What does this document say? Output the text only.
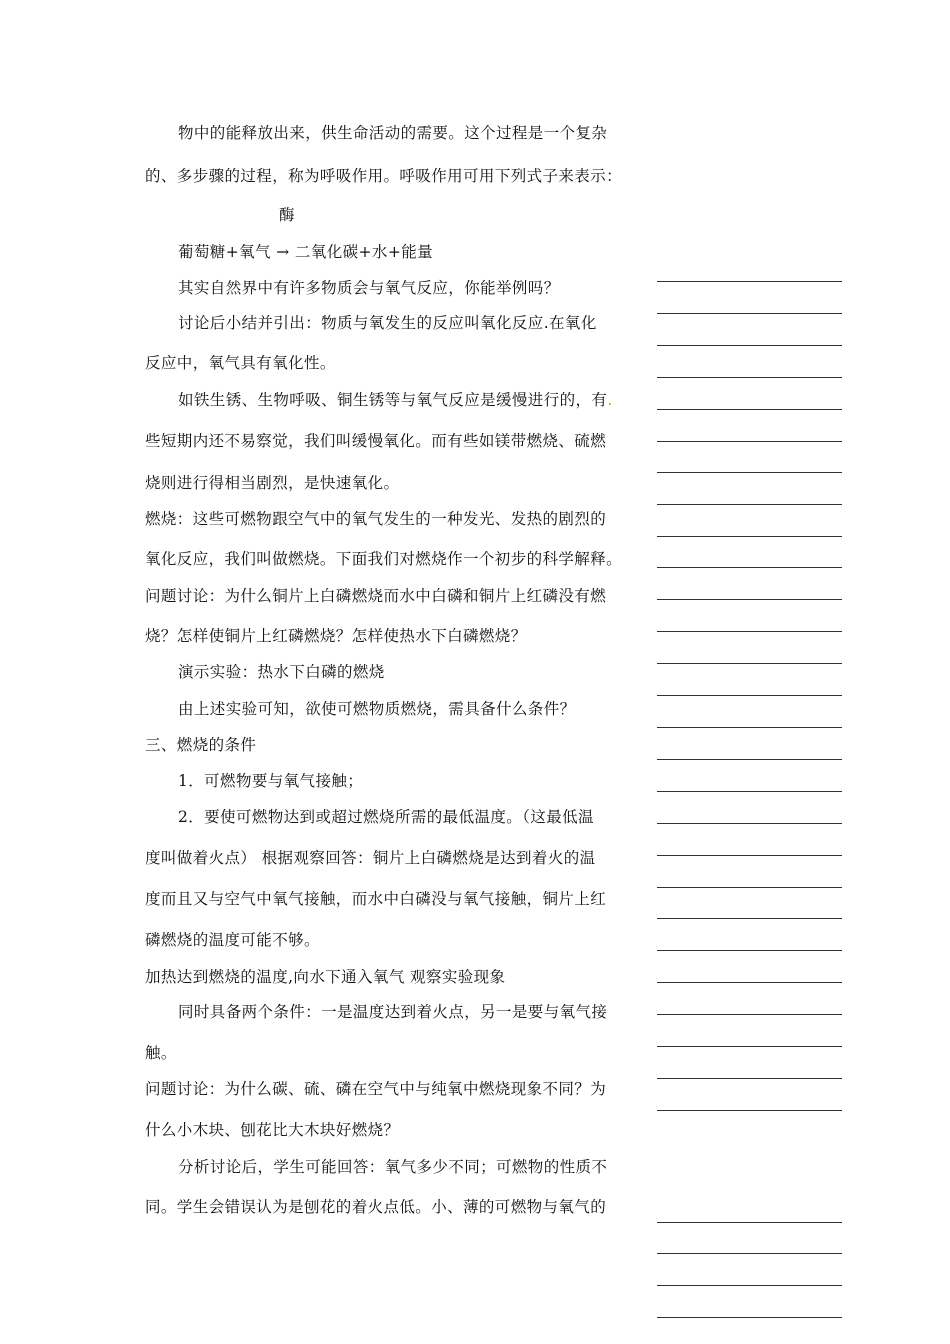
物中的能释放出来，供生命活动的需要。这个过程是一个复杂
的、多步骤的过程，称为呼吸作用。呼吸作用可用下列式子来表示：
酶
葡萄糖+氧气 → 二氧化碳+水+能量
其实自然界中有许多物质会与氧气反应，你能举例吗？
讨论后小结并引出：物质与氧发生的反应叫氧化反应.在氧化
反应中，氧气具有氧化性。
如铁生锈、生物呼吸、铜生锈等与氧气反应是缓慢进行的，有.
些短期内还不易察觉，我们叫缓慢氧化。而有些如镁带燃烧、硫燃
烧则进行得相当剧烈，是快速氧化。
燃烧：这些可燃物跟空气中的氧气发生的一种发光、发热的剧烈的
氧化反应，我们叫做燃烧。下面我们对燃烧作一个初步的科学解释。
问题讨论：为什么铜片上白磷燃烧而水中白磷和铜片上红磷没有燃
烧？怎样使铜片上红磷燃烧？怎样使热水下白磷燃烧？
演示实验：热水下白磷的燃烧
由上述实验可知，欲使可燃物质燃烧，需具备什么条件？
三、燃烧的条件
1．可燃物要与氧气接触；
2．要使可燃物达到或超过燃烧所需的最低温度。（这最低温
度叫做着火点） 根据观察回答：铜片上白磷燃烧是达到着火的温
度而且又与空气中氧气接触，而水中白磷没与氧气接触，铜片上红
磷燃烧的温度可能不够。
加热达到燃烧的温度,向水下通入氧气 观察实验现象
同时具备两个条件：一是温度达到着火点，另一是要与氧气接
触。
问题讨论：为什么碳、硫、磷在空气中与纯氧中燃烧现象不同？为
什么小木块、刨花比大木块好燃烧？
分析讨论后，学生可能回答：氧气多少不同；可燃物的性质不
同。学生会错误认为是刨花的着火点低。小、薄的可燃物与氧气的
